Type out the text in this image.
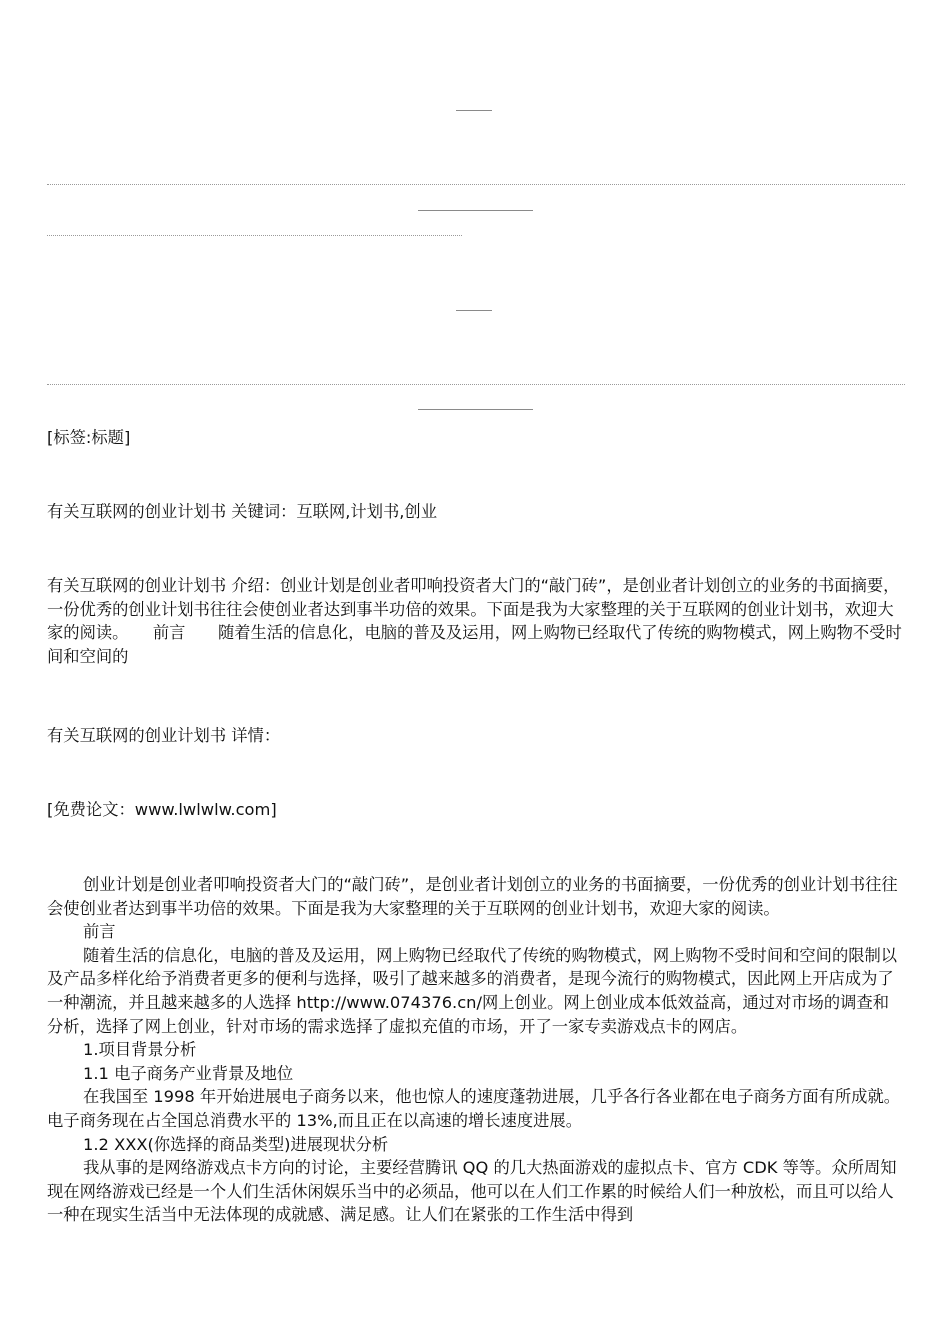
[标签:标题]

有关互联网的创业计划书 关键词：互联网,计划书,创业

有关互联网的创业计划书 介绍：创业计划是创业者叩响投资者大门的“敲门砖”，是创业者计划创立的业务的书面摘要，一份优秀的创业计划书往往会使创业者达到事半功倍的效果。下面是我为大家整理的关于互联网的创业计划书，欢迎大家的阅读。　　前言　　随着生活的信息化，电脑的普及及运用，网上购物已经取代了传统的购物模式，网上购物不受时间和空间的

有关互联网的创业计划书 详情：

[免费论文：www.lwlwlw.com]

创业计划是创业者叩响投资者大门的“敲门砖”，是创业者计划创立的业务的书面摘要，一份优秀的创业计划书往往会使创业者达到事半功倍的效果。下面是我为大家整理的关于互联网的创业计划书，欢迎大家的阅读。

前言

随着生活的信息化，电脑的普及及运用，网上购物已经取代了传统的购物模式，网上购物不受时间和空间的限制以及产品多样化给予消费者更多的便利与选择，吸引了越来越多的消费者，是现今流行的购物模式，因此网上开店成为了一种潮流，并且越来越多的人选择 http://www.074376.cn/网上创业。网上创业成本低效益高，通过对市场的调查和分析，选择了网上创业，针对市场的需求选择了虚拟充值的市场，开了一家专卖游戏点卡的网店。

1.项目背景分析

1.1 电子商务产业背景及地位

在我国至 1998 年开始进展电子商务以来，他也惊人的速度蓬勃进展，几乎各行各业都在电子商务方面有所成就。电子商务现在占全国总消费水平的 13%,而且正在以高速的增长速度进展。

1.2 XXX(你选择的商品类型)进展现状分析

我从事的是网络游戏点卡方向的讨论，主要经营腾讯 QQ 的几大热面游戏的虚拟点卡、官方 CDK 等等。众所周知现在网络游戏已经是一个人们生活休闲娱乐当中的必须品，他可以在人们工作累的时候给人们一种放松，而且可以给人一种在现实生活当中无法体现的成就感、满足感。让人们在紧张的工作生活中得到
